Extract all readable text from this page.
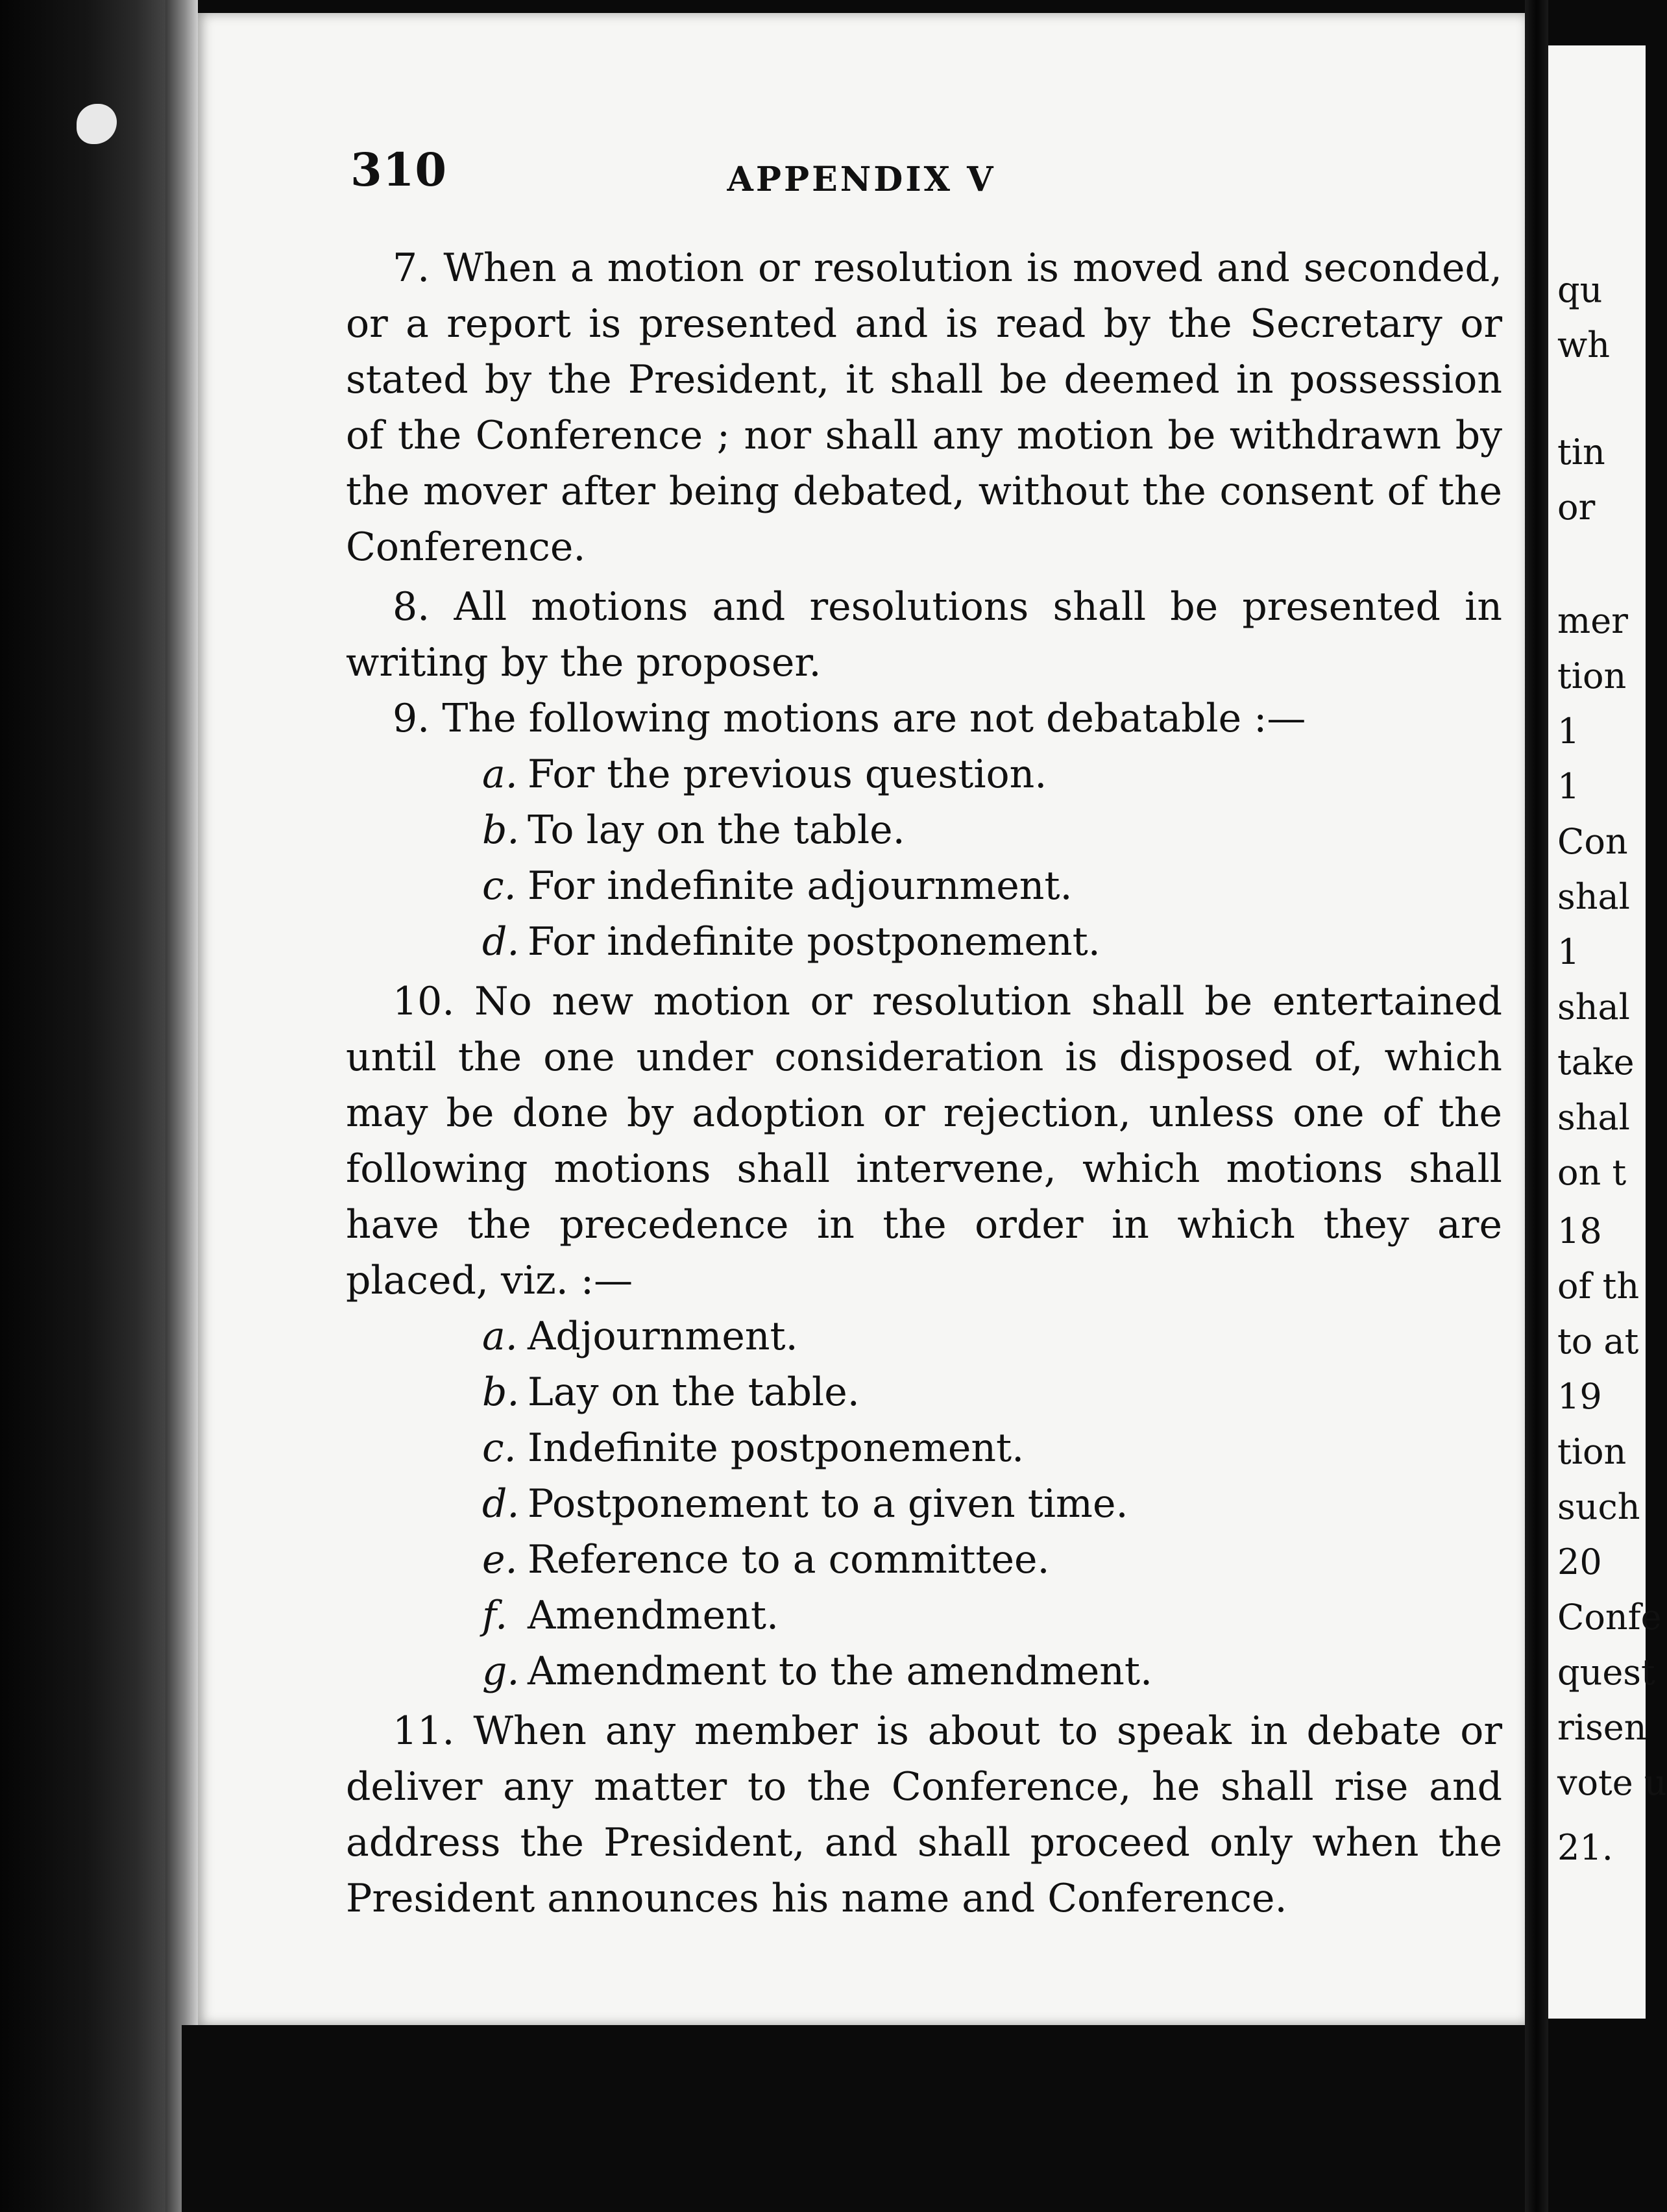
310	APPENDIX V

7. When a motion or resolution is moved and seconded, or a report is presented and is read by the Secretary or stated by the President, it shall be deemed in possession of the Conference ; nor shall any motion be withdrawn by the mover after being debated, without the consent of the Conference.

8. All motions and resolutions shall be presented in writing by the proposer.

9. The following motions are not debatable :—

a. For the previous question.
b. To lay on the table.
c. For indefinite adjournment.
d. For indefinite postponement.

10. No new motion or resolution shall be entertained until the one under consideration is disposed of, which may be done by adoption or rejection, unless one of the following motions shall intervene, which motions shall have the precedence in the order in which they are placed, viz. :—

a. Adjournment.
b. Lay on the table.
c. Indefinite postponement.
d. Postponement to a given time.
e. Reference to a committee.
f. Amendment.
g. Amendment to the amendment.

11. When any member is about to speak in debate or deliver any matter to the Conference, he shall rise and address the President, and shall proceed only when the President announces his name and Conference.

qu
wh
tin
or
mer
tion
1
1
Con
shal
1
shal
take
shal
on t
18
of th
to at
19
tion
such
20
Confe
quest
risen
vote u
21.
